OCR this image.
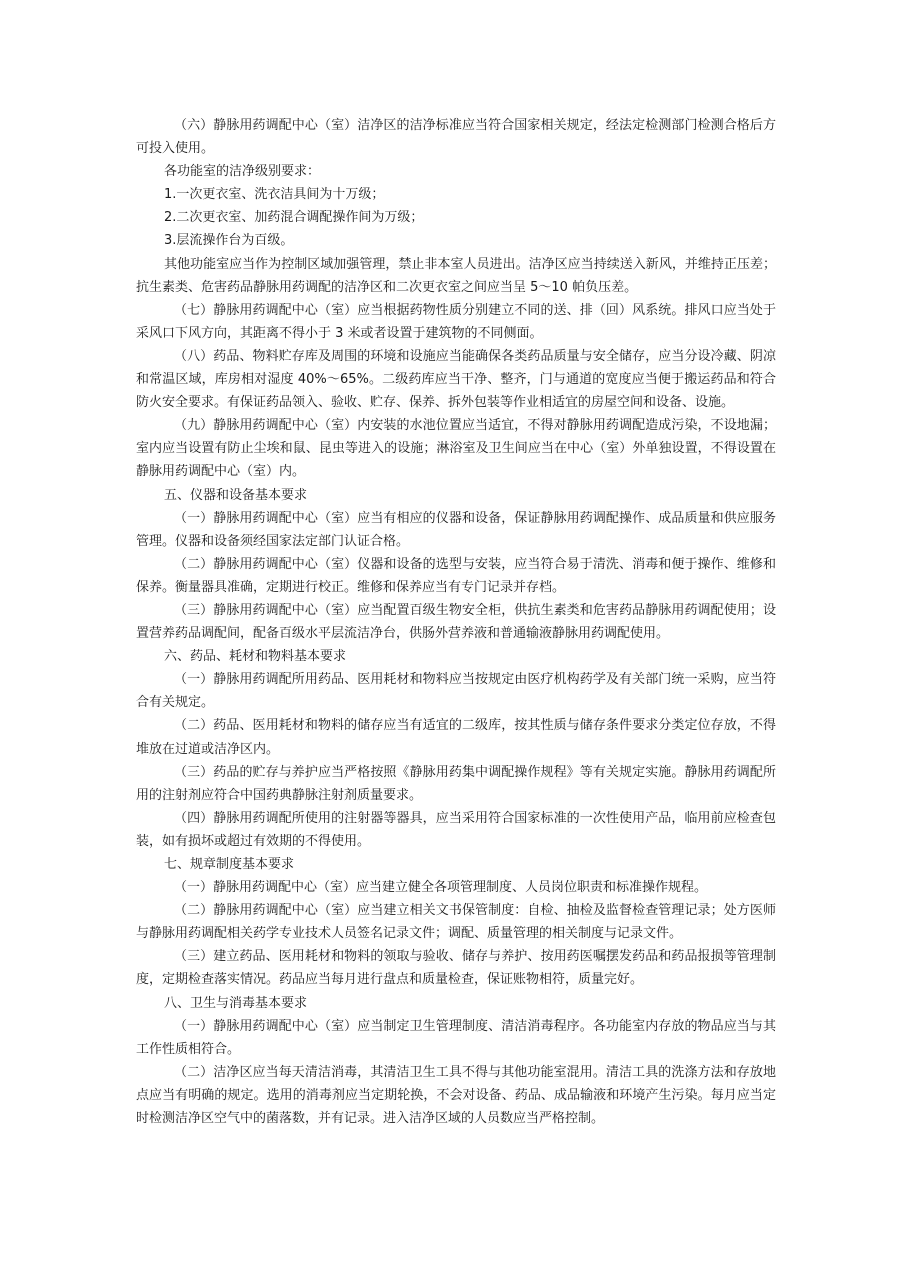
（六）静脉用药调配中心（室）洁净区的洁净标准应当符合国家相关规定，经法定检测部门检测合格后方可投入使用。

各功能室的洁净级别要求：

1.一次更衣室、洗衣洁具间为十万级；

2.二次更衣室、加药混合调配操作间为万级；

3.层流操作台为百级。

其他功能室应当作为控制区域加强管理，禁止非本室人员进出。洁净区应当持续送入新风，并维持正压差；抗生素类、危害药品静脉用药调配的洁净区和二次更衣室之间应当呈 5～10 帕负压差。

（七）静脉用药调配中心（室）应当根据药物性质分别建立不同的送、排（回）风系统。排风口应当处于采风口下风方向，其距离不得小于 3 米或者设置于建筑物的不同侧面。

（八）药品、物料贮存库及周围的环境和设施应当能确保各类药品质量与安全储存，应当分设冷藏、阴凉和常温区域，库房相对湿度 40%～65%。二级药库应当干净、整齐，门与通道的宽度应当便于搬运药品和符合防火安全要求。有保证药品领入、验收、贮存、保养、拆外包装等作业相适宜的房屋空间和设备、设施。

（九）静脉用药调配中心（室）内安装的水池位置应当适宜，不得对静脉用药调配造成污染，不设地漏；室内应当设置有防止尘埃和鼠、昆虫等进入的设施；淋浴室及卫生间应当在中心（室）外单独设置，不得设置在静脉用药调配中心（室）内。

五、仪器和设备基本要求

（一）静脉用药调配中心（室）应当有相应的仪器和设备，保证静脉用药调配操作、成品质量和供应服务管理。仪器和设备须经国家法定部门认证合格。

（二）静脉用药调配中心（室）仪器和设备的选型与安装，应当符合易于清洗、消毒和便于操作、维修和保养。衡量器具准确，定期进行校正。维修和保养应当有专门记录并存档。

（三）静脉用药调配中心（室）应当配置百级生物安全柜，供抗生素类和危害药品静脉用药调配使用；设置营养药品调配间，配备百级水平层流洁净台，供肠外营养液和普通输液静脉用药调配使用。

六、药品、耗材和物料基本要求

（一）静脉用药调配所用药品、医用耗材和物料应当按规定由医疗机构药学及有关部门统一采购，应当符合有关规定。

（二）药品、医用耗材和物料的储存应当有适宜的二级库，按其性质与储存条件要求分类定位存放，不得堆放在过道或洁净区内。

（三）药品的贮存与养护应当严格按照《静脉用药集中调配操作规程》等有关规定实施。静脉用药调配所用的注射剂应符合中国药典静脉注射剂质量要求。

（四）静脉用药调配所使用的注射器等器具，应当采用符合国家标准的一次性使用产品，临用前应检查包装，如有损坏或超过有效期的不得使用。

七、规章制度基本要求

（一）静脉用药调配中心（室）应当建立健全各项管理制度、人员岗位职责和标准操作规程。

（二）静脉用药调配中心（室）应当建立相关文书保管制度：自检、抽检及监督检查管理记录；处方医师与静脉用药调配相关药学专业技术人员签名记录文件；调配、质量管理的相关制度与记录文件。

（三）建立药品、医用耗材和物料的领取与验收、储存与养护、按用药医嘱摆发药品和药品报损等管理制度，定期检查落实情况。药品应当每月进行盘点和质量检查，保证账物相符，质量完好。

八、卫生与消毒基本要求

（一）静脉用药调配中心（室）应当制定卫生管理制度、清洁消毒程序。各功能室内存放的物品应当与其工作性质相符合。

（二）洁净区应当每天清洁消毒，其清洁卫生工具不得与其他功能室混用。清洁工具的洗涤方法和存放地点应当有明确的规定。选用的消毒剂应当定期轮换，不会对设备、药品、成品输液和环境产生污染。每月应当定时检测洁净区空气中的菌落数，并有记录。进入洁净区域的人员数应当严格控制。
